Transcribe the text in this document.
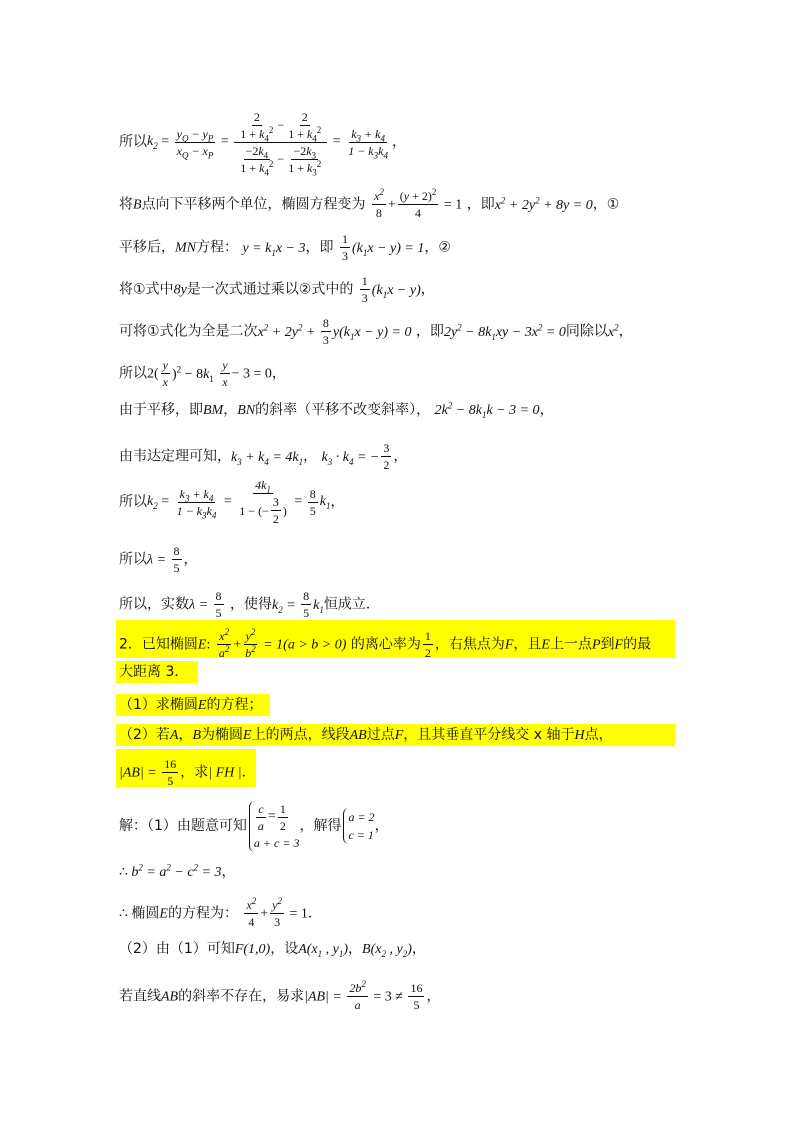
所以 $k_2 = \frac{y_Q - y_P}{x_Q - x_P} = \frac{\frac{2}{1 + k_4^2} - \frac{2}{1 + k_4^2}}{\frac{-2k_4}{1 + k_4^2} - \frac{-2k_3}{1 + k_3^2}} = \frac{k_3 + k_4}{1 - k_3k_4}$ ，
将B点向下平移两个单位，椭圆方程变为 $\frac{x^2}{8} + \frac{(y + 2)^2}{4} = 1$ ，即$x^2 + 2y^2 + 8y = 0$，①
平移后，MN方程： $y = k_1x - 3$，即 $\frac{1}{3} (k_1x - y) = 1$，②
将①式中8y是一次式通过乘以②式中的 $\frac{1}{3} (k_1x - y)$，
可将①式化为全是二次$x^2 + 2y^2 + \frac{8}{3} y(k_1x - y) = 0$ ，即$2y^2 - 8k_1xy - 3x^2 = 0$同除以$x^2$，
所以$2( \frac{y}{x} )^2 - 8k_1 \frac{y}{x} - 3 = 0$，
由于平移，即BM，BN的斜率（平移不改变斜率）， $2k^2 - 8k_1k - 3 = 0$，
由韦达定理可知，$k_3 + k_4 = 4k_1$， $k_3 \cdot k_4$ = − $\frac{3}{2}$ ，
所以 $k_2 = \frac{k_3 + k_4}{1 - k_3k_4} = \frac{4k_1}{1 - (- \frac{3}{2} )} = \frac{8}{5} k_1$ ，
所以$\lambda = \frac{8}{5}$ ，
所以，实数$\lambda = \frac{8}{5}$ ，使得$k_2 = \frac{8}{5} k_1$恒成立．
2．已知椭圆E: $\frac{x^2}{a^2} + \frac{y^2}{b^2} = 1(a > b > 0)$ 的离心率为 $\frac{1}{2}$ ，右焦点为F，且E上一点P到F的最
大距离 3．
（1）求椭圆E的方程；
（2）若A，B为椭圆E上的两点，线段AB过点F，且其垂直平分线交 x 轴于H点，
$|AB| = \frac{16}{5}$ ，求| FH |．
解：（1）由题意可知 $\frac{c}{a} = \frac{1}{2}$
a + c = 3
，解得
a = 2
c = 1
，
∴ $b^2 = a^2 - c^2 = 3$，
∴ 椭圆E的方程为： $\frac{x^2}{4} + \frac{y^2}{3} = 1$．
（2）由（1）可知F(1,0)，设$A(x_1$ , $y_1$)，$B(x_2$ , $y_2$)，
若直线AB的斜率不存在，易求$|AB| = \frac{2b^2}{a} = 3 \ne \frac{16}{5}$ ，
